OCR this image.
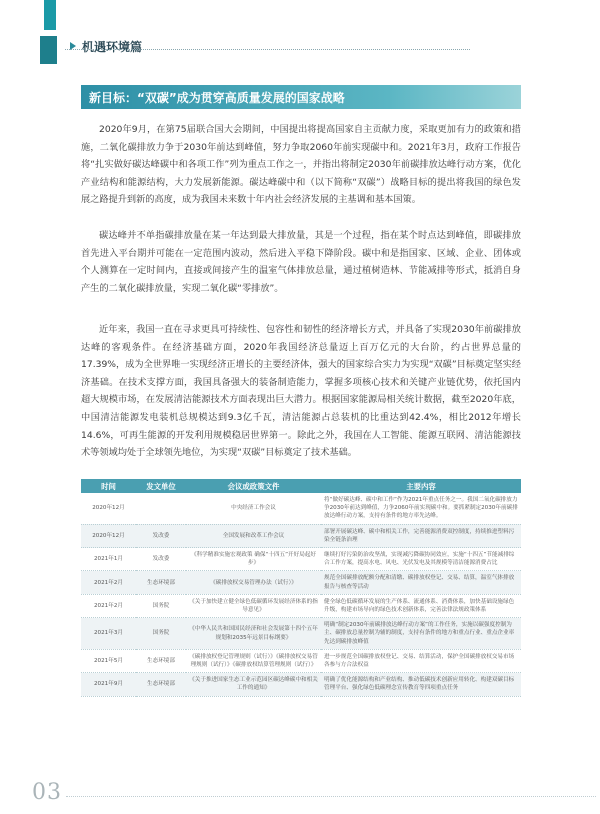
机遇环境篇
新目标：“双碳”成为贯穿高质量发展的国家战略

2020年9月，在第75届联合国大会期间，中国提出将提高国家自主贡献力度，采取更加有力的政策和措施，二氧化碳排放力争于2030年前达到峰值，努力争取2060年前实现碳中和。2021年3月，政府工作报告将“扎实做好碳达峰碳中和各项工作”列为重点工作之一，并指出将制定2030年前碳排放达峰行动方案，优化产业结构和能源结构，大力发展新能源。碳达峰碳中和（以下简称“双碳”）战略目标的提出将我国的绿色发展之路提升到新的高度，成为我国未来数十年内社会经济发展的主基调和基本国策。

碳达峰并不单指碳排放量在某一年达到最大排放量，其是一个过程，指在某个时点达到峰值，即碳排放首先进入平台期并可能在一定范围内波动，然后进入平稳下降阶段。碳中和是指国家、区域、企业、团体或个人测算在一定时间内，直接或间接产生的温室气体排放总量，通过植树造林、节能减排等形式，抵消自身产生的二氧化碳排放量，实现二氧化碳“零排放”。

近年来，我国一直在寻求更具可持续性、包容性和韧性的经济增长方式，并具备了实现2030年前碳排放达峰的客观条件。在经济基础方面，2020年我国经济总量迈上百万亿元的大台阶，约占世界总量的17.39%，成为全世界唯一实现经济正增长的主要经济体，强大的国家综合实力为实现“双碳”目标奠定坚实经济基础。在技术支撑方面，我国具备强大的装备制造能力，掌握多项核心技术和关键产业链优势，依托国内超大规模市场，在发展清洁能源技术方面表现出巨大潜力。根据国家能源局相关统计数据，截至2020年底，中国清洁能源发电装机总规模达到9.3亿千瓦，清洁能源占总装机的比重达到42.4%，相比2012年增长14.6%，可再生能源的开发利用规模稳居世界第一。除此之外，我国在人工智能、能源互联网、清洁能源技术等领域均处于全球领先地位，为实现“双碳”目标奠定了技术基础。

时间	发文单位	会议或政策文件	主要内容
2020年12月		中央经济工作会议	将“做好碳达峰、碳中和工作”作为2021年重点任务之一。我国二氧化碳排放力争2030年前达到峰值，力争2060年前实现碳中和。要抓紧制定2030年前碳排放达峰行动方案，支持有条件的地方率先达峰。
2020年12月	发改委	全国发展和改革工作会议	部署开展碳达峰、碳中和相关工作，完善能源消费双控制度，持续推进塑料污染全链条治理
2021年1月	发改委	《科学精准实施宏观政策 确保“十四五”开好局起好步》	继续打好污染防治攻坚战，实现减污降碳协同效应，实施“十四五”节能减排综合工作方案，提高水电、风电、光伏发电及其规模等清洁能源消费占比
2021年2月	生态环境部	《碳排放权交易管理办法（试行）》	规范全国碳排放配额分配和清缴、碳排放权登记、交易、结算，温室气体排放报告与核查等活动
2021年2月	国务院	《关于加快建立健全绿色低碳循环发展经济体系的指导意见》	健全绿色低碳循环发展的生产体系、流通体系、消费体系，加快基础设施绿色升级，构建市场导向的绿色技术创新体系，完善法律法规政策体系
2021年3月	国务院	《中华人民共和国国民经济和社会发展第十四个五年规划和2035年远景目标纲要》	明确“制定2030年前碳排放达峰行动方案”的工作任务，实施以碳强度控制为主、碳排放总量控制为辅的制度，支持有条件的地方和重点行业、重点企业率先达到碳排放峰值
2021年5月	生态环境部	《碳排放权登记管理规则（试行）》《碳排放权交易管理规则（试行）》《碳排放权结算管理规则（试行）》	进一步规范全国碳排放权登记、交易、结算活动，保护全国碳排放权交易市场各参与方合法权益
2021年9月	生态环境部	《关于推进国家生态工业示范园区碳达峰碳中和相关工作的通知》	明确了优化能源结构和产业结构、推动低碳技术创新应用转化、构建双碳目标管理平台、强化绿色低碳理念宣传教育等四项重点任务
03
